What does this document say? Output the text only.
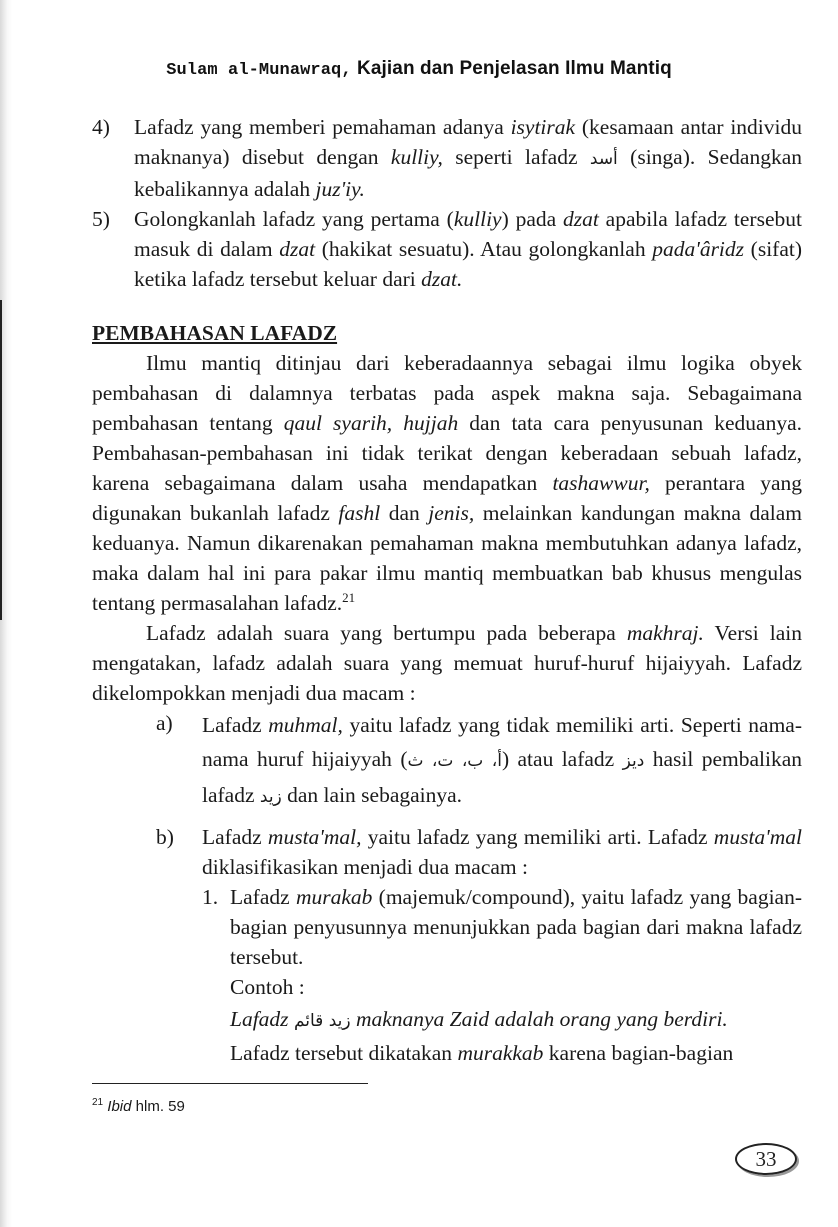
Sulam al-Munawraq, Kajian dan Penjelasan Ilmu Mantiq
4) Lafadz yang memberi pemahaman adanya isytirak (kesamaan antar individu maknanya) disebut dengan kulliy, seperti lafadz أسد (singa). Sedangkan kebalikannya adalah juz'iy.
5) Golongkanlah lafadz yang pertama (kulliy) pada dzat apabila lafadz tersebut masuk di dalam dzat (hakikat sesuatu). Atau golongkanlah pada'âridz (sifat) ketika lafadz tersebut keluar dari dzat.
PEMBAHASAN LAFADZ

Ilmu mantiq ditinjau dari keberadaannya sebagai ilmu logika obyek pembahasan di dalamnya terbatas pada aspek makna saja. Sebagaimana pembahasan tentang qaul syarih, hujjah dan tata cara penyusunan keduanya. Pembahasan-pembahasan ini tidak terikat dengan keberadaan sebuah lafadz, karena sebagaimana dalam usaha mendapatkan tashawwur, perantara yang digunakan bukanlah lafadz fashl dan jenis, melainkan kandungan makna dalam keduanya. Namun dikarenakan pemahaman makna membutuhkan adanya lafadz, maka dalam hal ini para pakar ilmu mantiq membuatkan bab khusus mengulas tentang permasalahan lafadz.$^{21}$

Lafadz adalah suara yang bertumpu pada beberapa makhraj. Versi lain mengatakan, lafadz adalah suara yang memuat huruf-huruf hijaiyyah. Lafadz dikelompokkan menjadi dua macam :

a) Lafadz muhmal, yaitu lafadz yang tidak memiliki arti. Seperti nama-nama huruf hijaiyyah (أ، ب، ت، ث) atau lafadz ديز hasil pembalikan lafadz زيد dan lain sebagainya.
b) Lafadz musta'mal, yaitu lafadz yang memiliki arti. Lafadz musta'mal diklasifikasikan menjadi dua macam :
1. Lafadz murakab (majemuk/compound), yaitu lafadz yang bagian-bagian penyusunnya menunjukkan pada bagian dari makna lafadz tersebut.
Contoh :
Lafadz زيد قائم maknanya Zaid adalah orang yang berdiri.
Lafadz tersebut dikatakan murakkab karena bagian-bagian
$^{21}$ Ibid hlm. 59
33
